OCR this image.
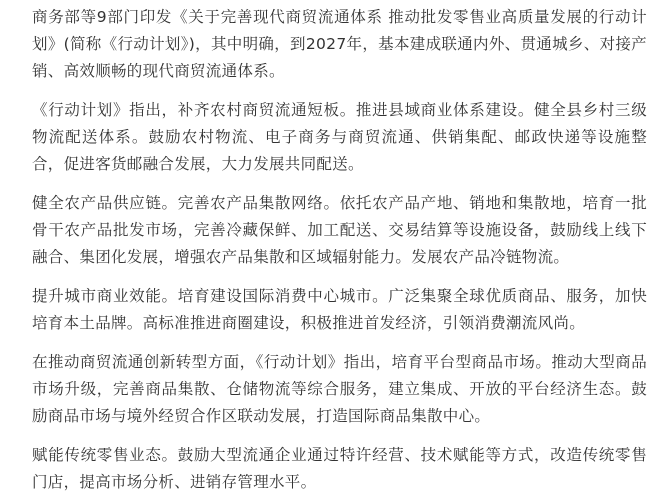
商务部等9部门印发《关于完善现代商贸流通体系 推动批发零售业高质量发展的行动计划》(简称《行动计划》)，其中明确，到2027年，基本建成联通内外、贯通城乡、对接产销、高效顺畅的现代商贸流通体系。

《行动计划》指出，补齐农村商贸流通短板。推进县域商业体系建设。健全县乡村三级物流配送体系。鼓励农村物流、电子商务与商贸流通、供销集配、邮政快递等设施整合，促进客货邮融合发展，大力发展共同配送。

健全农产品供应链。完善农产品集散网络。依托农产品产地、销地和集散地，培育一批骨干农产品批发市场，完善冷藏保鲜、加工配送、交易结算等设施设备，鼓励线上线下融合、集团化发展，增强农产品集散和区域辐射能力。发展农产品冷链物流。

提升城市商业效能。培育建设国际消费中心城市。广泛集聚全球优质商品、服务，加快培育本土品牌。高标准推进商圈建设，积极推进首发经济，引领消费潮流风尚。

在推动商贸流通创新转型方面，《行动计划》指出，培育平台型商品市场。推动大型商品市场升级，完善商品集散、仓储物流等综合服务，建立集成、开放的平台经济生态。鼓励商品市场与境外经贸合作区联动发展，打造国际商品集散中心。

赋能传统零售业态。鼓励大型流通企业通过特许经营、技术赋能等方式，改造传统零售门店，提高市场分析、进销存管理水平。
